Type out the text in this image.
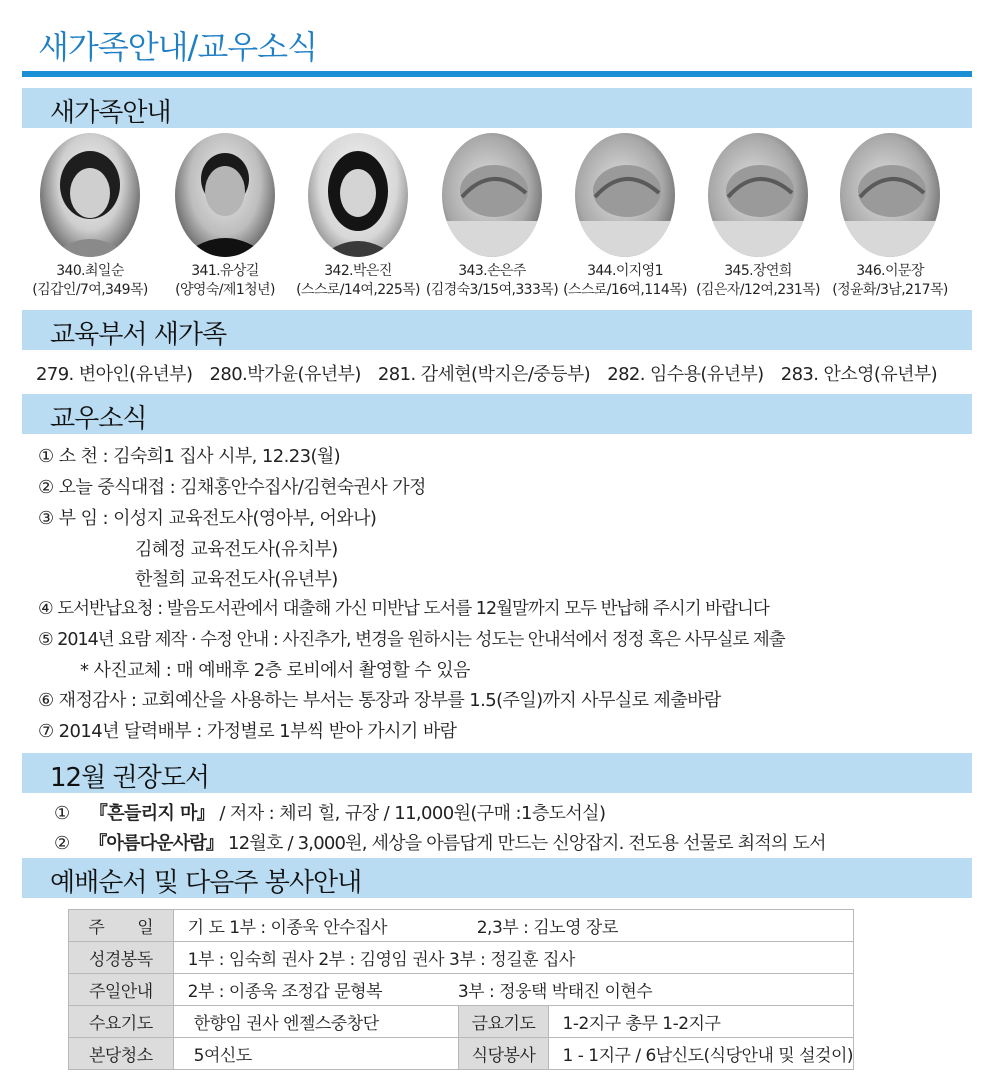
새가족안내/교우소식
새가족안내
340.최일순
(김갑인/7여,349목)
341.유상길
(양영숙/제1청년)
342.박은진
(스스로/14여,225목)
343.손은주
(김경숙3/15여,333목)
344.이지영1
(스스로/16여,114목)
345.장연희
(김은자/12여,231목)
346.이문장
(정윤화/3남,217목)
교육부서 새가족
279. 변아인(유년부) 280.박가윤(유년부) 281. 감세현(박지은/중등부) 282. 임수용(유년부) 283. 안소영(유년부)
교우소식
① 소 천 : 김숙희1 집사 시부, 12.23(월)
② 오늘 중식대접 : 김채홍안수집사/김현숙권사 가정
③ 부 임 : 이성지 교육전도사(영아부, 어와나)
김혜정 교육전도사(유치부)
한철희 교육전도사(유년부)
④ 도서반납요청 : 발음도서관에서 대출해 가신 미반납 도서를 12월말까지 모두 반납해 주시기 바랍니다
⑤ 2014년 요람 제작 · 수정 안내 : 사진추가, 변경을 원하시는 성도는 안내석에서 정정 혹은 사무실로 제출
* 사진교체 : 매 예배후 2층 로비에서 촬영할 수 있음
⑥ 재정감사 : 교회예산을 사용하는 부서는 통장과 장부를 1.5(주일)까지 사무실로 제출바람
⑦ 2014년 달력배부 : 가정별로 1부씩 받아 가시기 바람
12월 권장도서
① 『흔들리지 마』 / 저자 : 체리 힐, 규장 / 11,000원(구매 :1층도서실)
② 『아름다운사람』 12월호 / 3,000원, 세상을 아름답게 만드는 신앙잡지. 전도용 선물로 최적의 도서
예배순서 및 다음주 봉사안내
주　　일	기 도 1부 : 이종욱 안수집사 2,3부 : 김노영 장로		
성경봉독	1부 : 임숙희 권사 2부 : 김영임 권사 3부 : 정길훈 집사		
주일안내	2부 : 이종욱 조정갑 문형복 3부 : 정웅택 박태진 이현수		
수요기도	한향임 권사 엔젤스중창단	금요기도	1-2지구 총무 1-2지구
본당청소	5여신도	식당봉사	1 - 1지구 / 6남신도(식당안내 및 설겆이)
